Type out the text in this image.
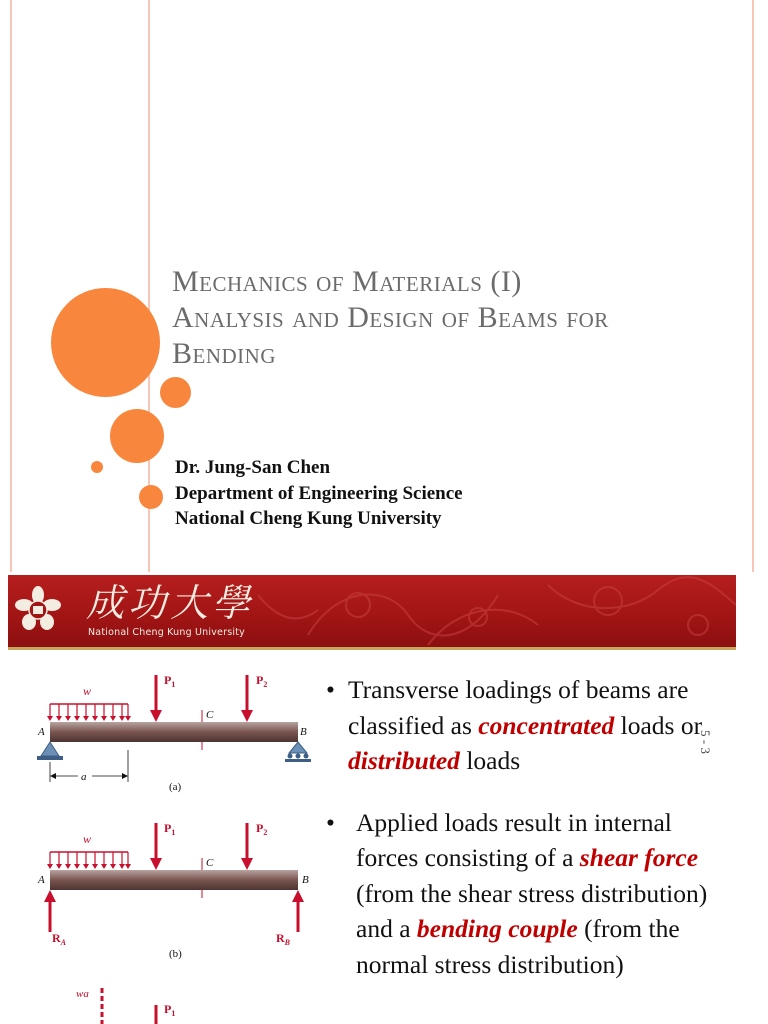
Mechanics of Materials (I)
Analysis and Design of Beams for
Bending
Dr. Jung-San Chen
Department of Engineering Science
National Cheng Kung University
成功大學
National Cheng Kung University
w
$P_1$	$P_2$
C
A	B
a
(a)
w
$P_1$	$P_2$
C
A	B
$R_A$	$R_B$
(b)
wa
$P_1$

• Transverse loadings of beams are classified as concentrated loads or distributed loads

• Applied loads result in internal forces consisting of a shear force (from the shear stress distribution) and a bending couple (from the normal stress distribution)

5 - 3
